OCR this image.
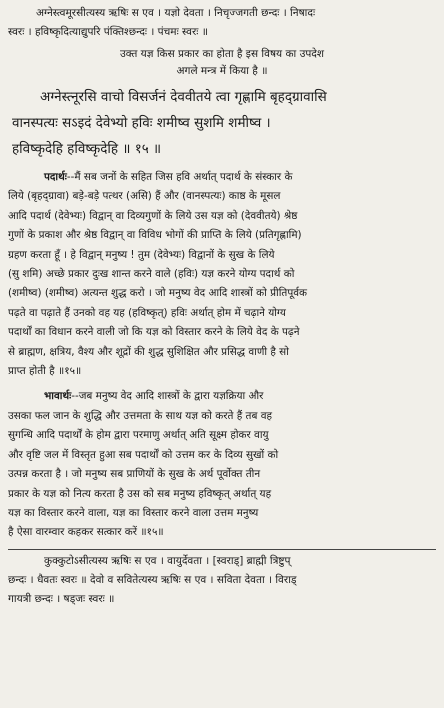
अग्नेस्त्वमूरसीत्यस्य ऋषिः स एव । यज्ञो देवता । निचृज्जगती छन्दः । निषादः
स्वरः । हविष्कृदित्याद्युपरि पंक्तिश्छन्दः । पंचमः स्वरः ॥
उक्त यज्ञ किस प्रकार का होता है इस विषय का उपदेश
अगले मन्त्र में किया है ॥
अग्नेस्त्नूरसि वाचो विसर्जनं देववीतये त्वा गृह्णामि बृहद्ग्रावासि
वानस्पत्यः सऽइदं देवेभ्यो हविः शमीष्व सुशमि शमीष्व ।
हविष्कृदेहि हविष्कृदेहि ॥ १५ ॥
पदार्थः--मैं सब जनों के सहित जिस हवि अर्थात् पदार्थ के संस्कार के
लिये (बृहद्ग्रावा) बड़े-बड़े पत्थर (असि) हैं और (वानस्पत्यः) काष्ठ के मूसल
आदि पदार्थ (देवेभ्यः) विद्वान् वा दिव्यगुणों के लिये उस यज्ञ को (देववीतये) श्रेष्ठ
गुणों के प्रकाश और श्रेष्ठ विद्वान् वा विविध भोगों की प्राप्ति के लिये (प्रतिगृह्णामि)
ग्रहण करता हूँ । हे विद्वान् मनुष्य ! तुम (देवेभ्यः) विद्वानों के सुख के लिये
(सु शमि) अच्छे प्रकार दुःख शान्त करने वाले (हविः) यज्ञ करने योग्य पदार्थ को
(शमीष्व) (शमीष्व) अत्यन्त शुद्ध करो । जो मनुष्य वेद आदि शास्त्रों को प्रीतिपूर्वक
पढ़ते वा पढ़ाते हैं उनको वह यह (हविष्कृत्) हविः अर्थात् होम में चढ़ाने योग्य
पदार्थों का विधान करने वाली जो कि यज्ञ को विस्तार करने के लिये वेद के पढ़ने
से ब्राह्मण, क्षत्रिय, वैश्य और शूद्रों की शुद्ध सुशिक्षित और प्रसिद्ध वाणी है सो
प्राप्त होती है ॥१५॥
भावार्थः--जब मनुष्य वेद आदि शास्त्रों के द्वारा यज्ञक्रिया और
उसका फल जान के शुद्धि और उत्तमता के साथ यज्ञ को करते हैं तब वह
सुगन्धि आदि पदार्थों के होम द्वारा परमाणु अर्थात् अति सूक्ष्म होकर वायु
और वृष्टि जल में विस्तृत हुआ सब पदार्थों को उत्तम कर के दिव्य सुखों को
उत्पन्न करता है । जो मनुष्य सब प्राणियों के सुख के अर्थ पूर्वोक्त तीन
प्रकार के यज्ञ को नित्य करता है उस को सब मनुष्य हविष्कृत् अर्थात् यह
यज्ञ का विस्तार करने वाला, यज्ञ का विस्तार करने वाला उत्तम मनुष्य
है ऐसा वारम्वार कहकर सत्कार करें ॥१५॥
कुक्कुटोऽसीत्यस्य ऋषिः स एव । वायुर्देवता । [स्वराड्] ब्राह्मी त्रिष्टुप्
छन्दः । धैवतः स्वरः ॥ देवो व सवितेत्यस्य ऋषिः स एव । सविता देवता । विराड्
गायत्री छन्दः । षड्जः स्वरः ॥
